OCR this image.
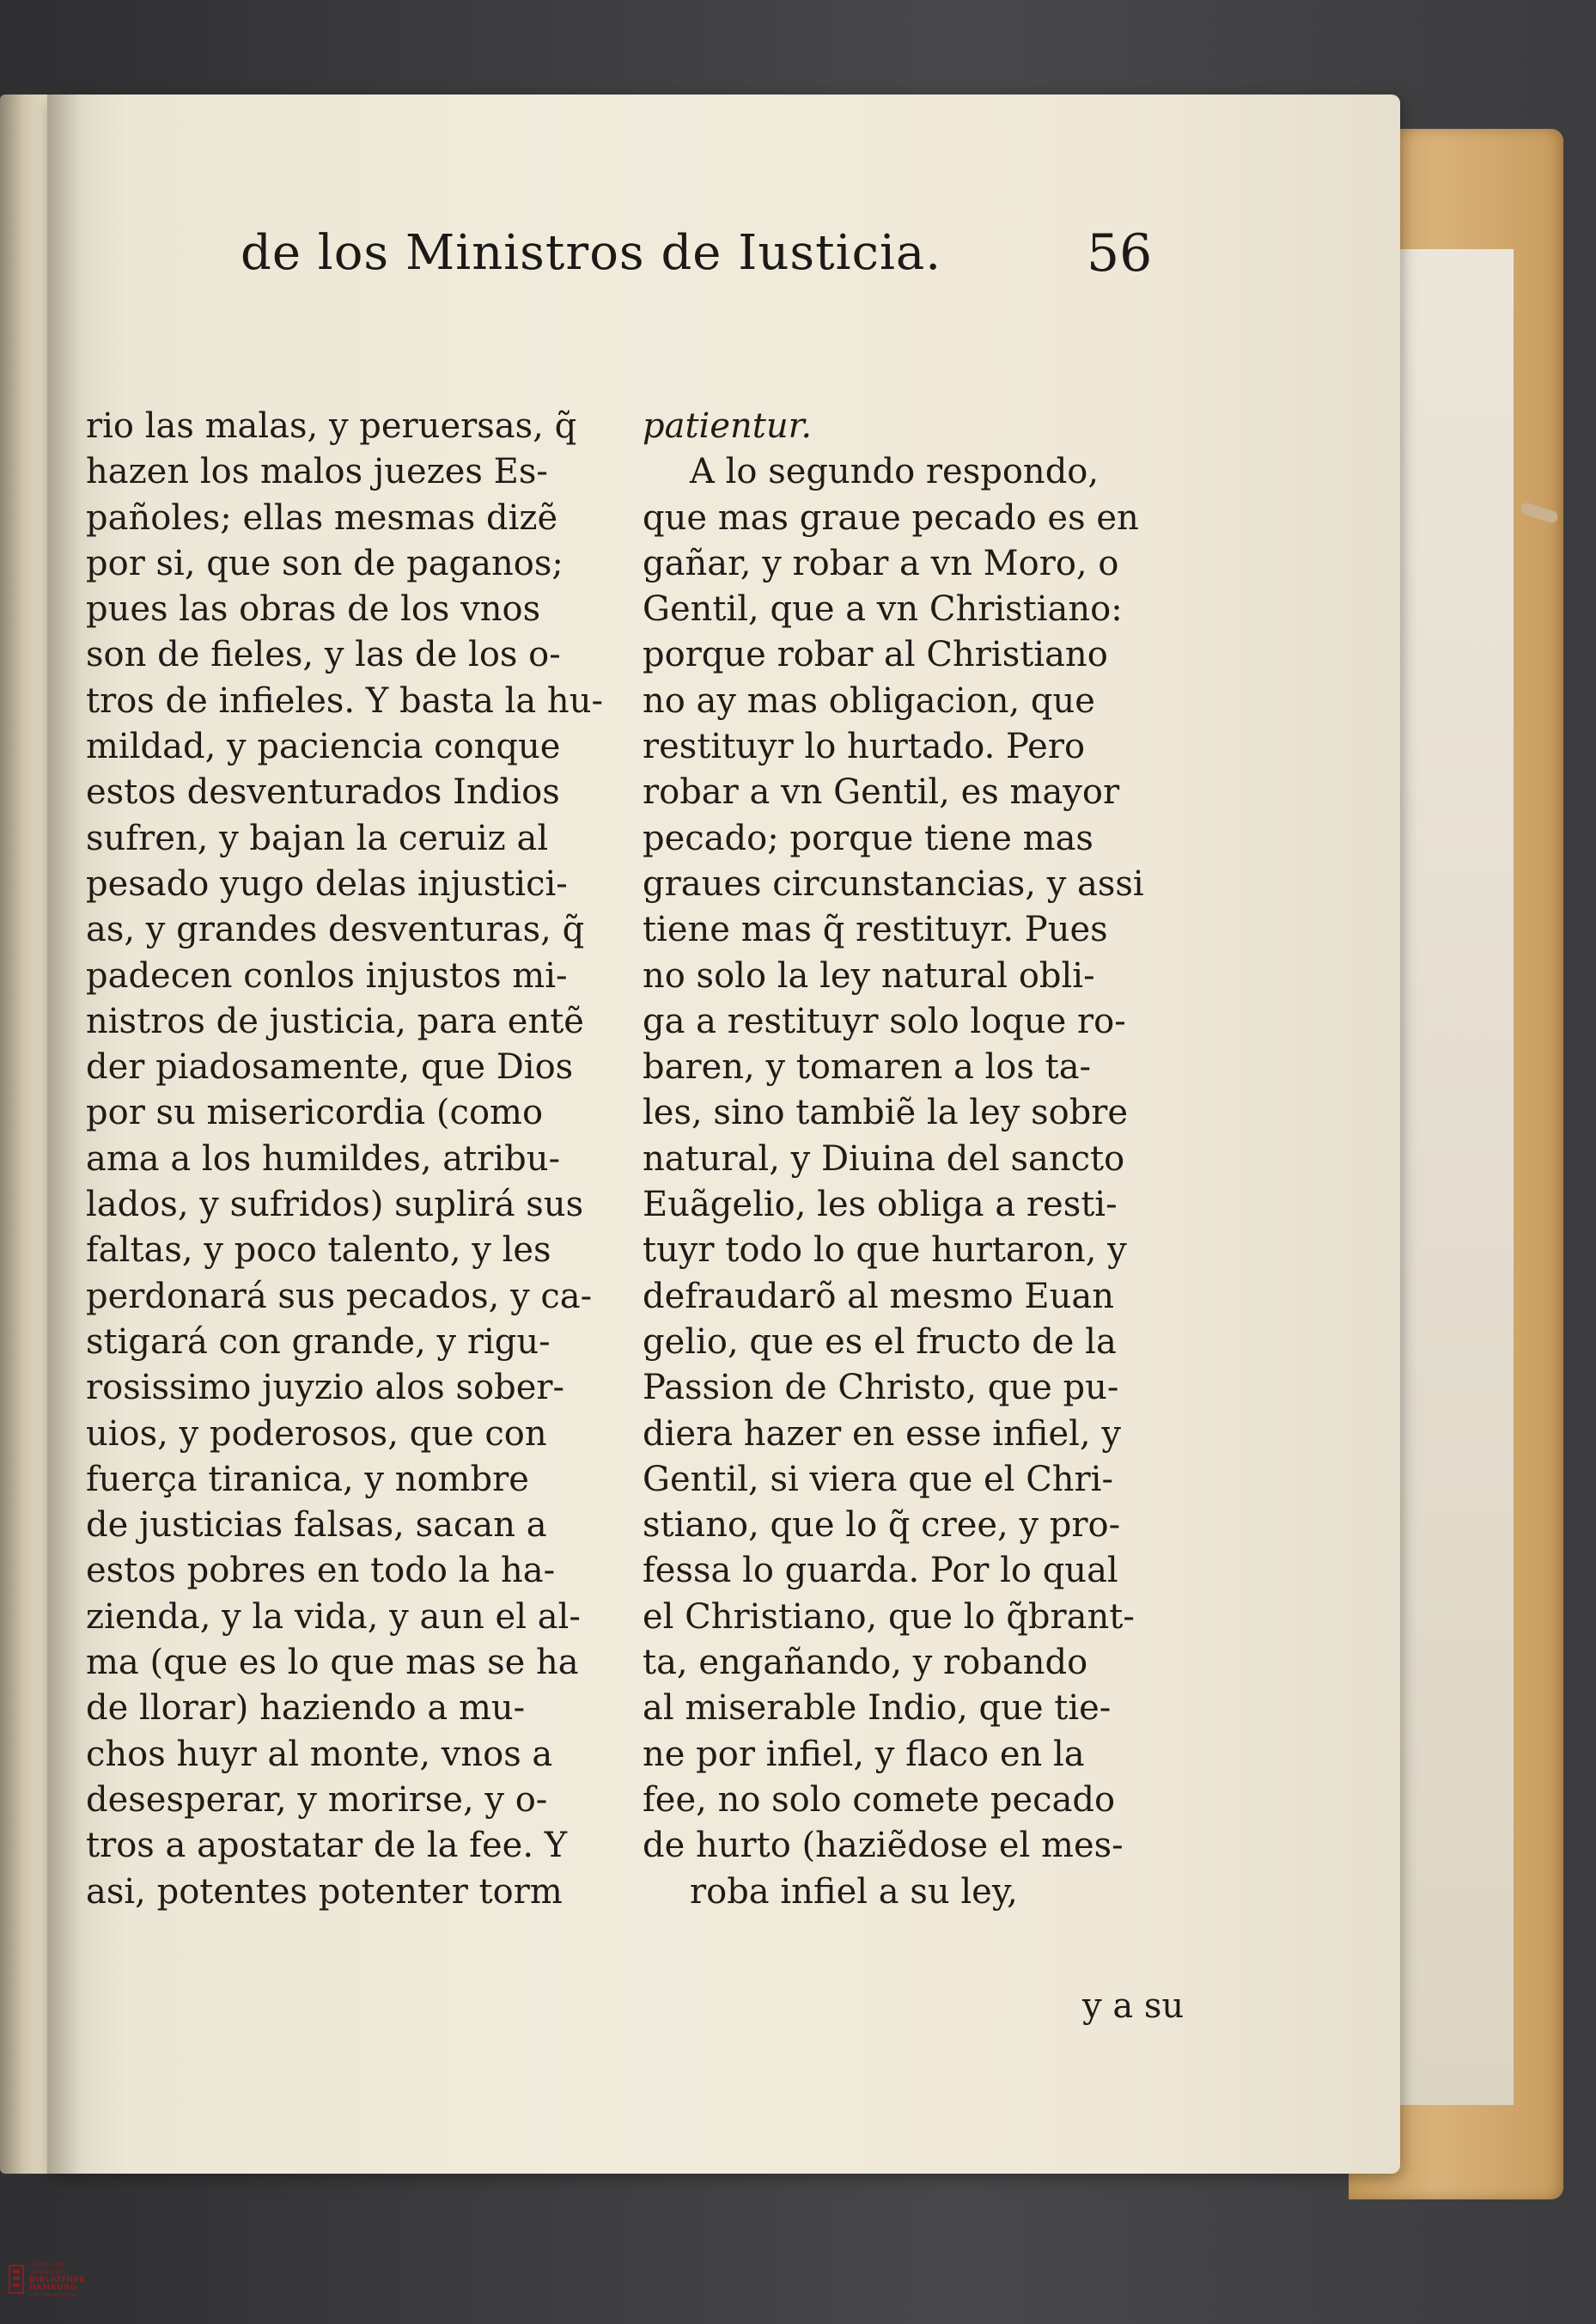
de los Ministros de Iusticia.	56
rio las malas, y peruersas, q̃
hazen los malos juezes Es-
pañoles; ellas mesmas dizẽ
por si, que son de paganos;
pues las obras de los vnos
son de fieles, y las de los o-
tros de infieles. Y basta la hu-
mildad, y paciencia conque
estos desventurados Indios
sufren, y bajan la ceruiz al
pesado yugo delas injustici-
as, y grandes desventuras, q̃
padecen conlos injustos mi-
nistros de justicia, para entẽ
der piadosamente, que Dios
por su misericordia (como
ama a los humildes, atribu-
lados, y sufridos) suplirá sus
faltas, y poco talento, y les
perdonará sus pecados, y ca-
stigará con grande, y rigu-
rosissimo juyzio alos sober-
uios, y poderosos, que con
fuerça tiranica, y nombre
de justicias falsas, sacan a
estos pobres en todo la ha-
zienda, y la vida, y aun el al-
ma (que es lo que mas se ha
de llorar) haziendo a mu-
chos huyr al monte, vnos a
desesperar, y morirse, y o-
tros a apostatar de la fee. Y
asi, potentes potenter torm
patientur.
A lo segundo respondo,
que mas graue pecado es en
gañar, y robar a vn Moro, o
Gentil, que a vn Christiano:
porque robar al Christiano
no ay mas obligacion, que
restituyr lo hurtado. Pero
robar a vn Gentil, es mayor
pecado; porque tiene mas
graues circunstancias, y assi
tiene mas q̃ restituyr. Pues
no solo la ley natural obli-
ga a restituyr solo loque ro-
baren, y tomaren a los ta-
les, sino tambiẽ la ley sobre
natural, y Diuina del sancto
Euãgelio, les obliga a resti-
tuyr todo lo que hurtaron, y
defraudarõ al mesmo Euan
gelio, que es el fructo de la
Passion de Christo, que pu-
diera hazer en esse infiel, y
Gentil, si viera que el Chri-
stiano, que lo q̃ cree, y pro-
fessa lo guarda. Por lo qual
el Christiano, que lo q̃brant-
ta, engañando, y robando
al miserable Indio, que tie-
ne por infiel, y flaco en la
fee, no solo comete pecado
de hurto (haziẽdose el mes-
roba infiel a su ley,
y a su
STAATS- UND UNIVERSITÄTS
BIBLIOTHEK
HAMBURG
CARL VON OSSIETZKY
